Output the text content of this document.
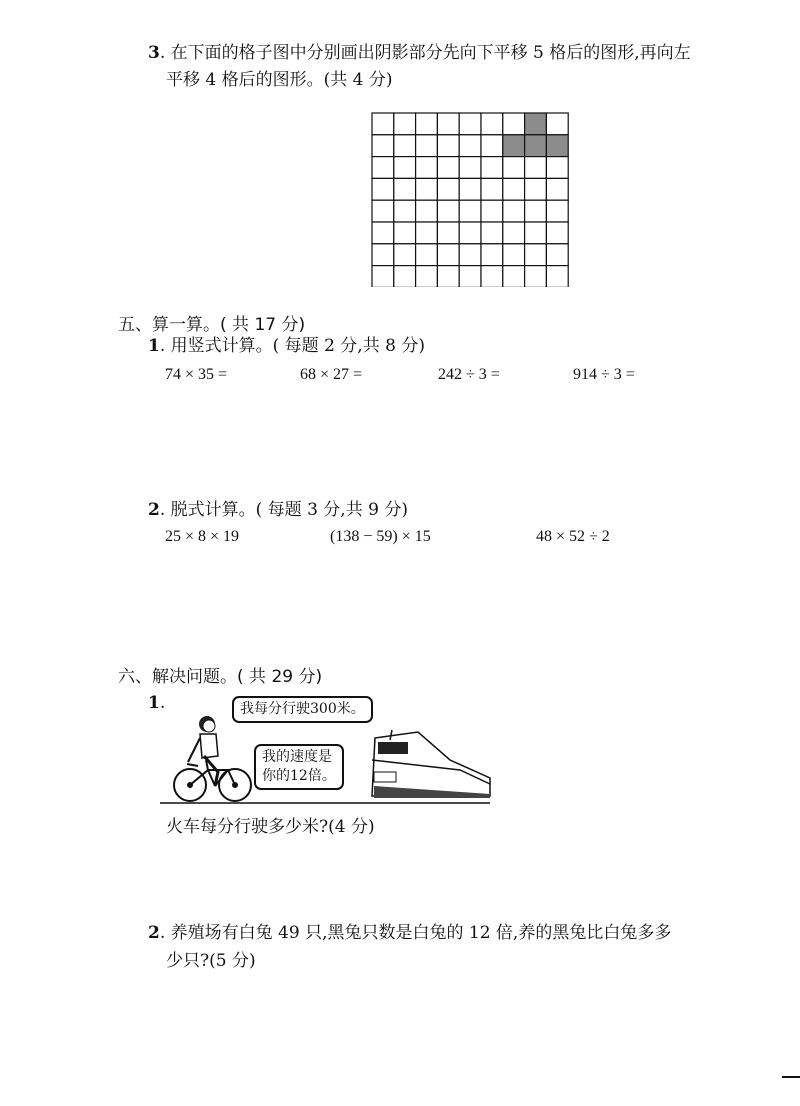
3. 在下面的格子图中分别画出阴影部分先向下平移 5 格后的图形,再向左
平移 4 格后的图形。(共 4 分)
五、算一算。( 共 17 分)
1. 用竖式计算。( 每题 2 分,共 8 分)
74 × 35 =	68 × 27 =	242 ÷ 3 =	914 ÷ 3 =
2. 脱式计算。( 每题 3 分,共 9 分)
25 × 8 × 19	(138 − 59) × 15	48 × 52 ÷ 2
六、解决问题。( 共 29 分)
1.	我每分行驶300米。
我的速度是
你的12倍。
火车每分行驶多少米?(4 分)
2. 养殖场有白兔 49 只,黑兔只数是白兔的 12 倍,养的黑兔比白兔多多
少只?(5 分)
